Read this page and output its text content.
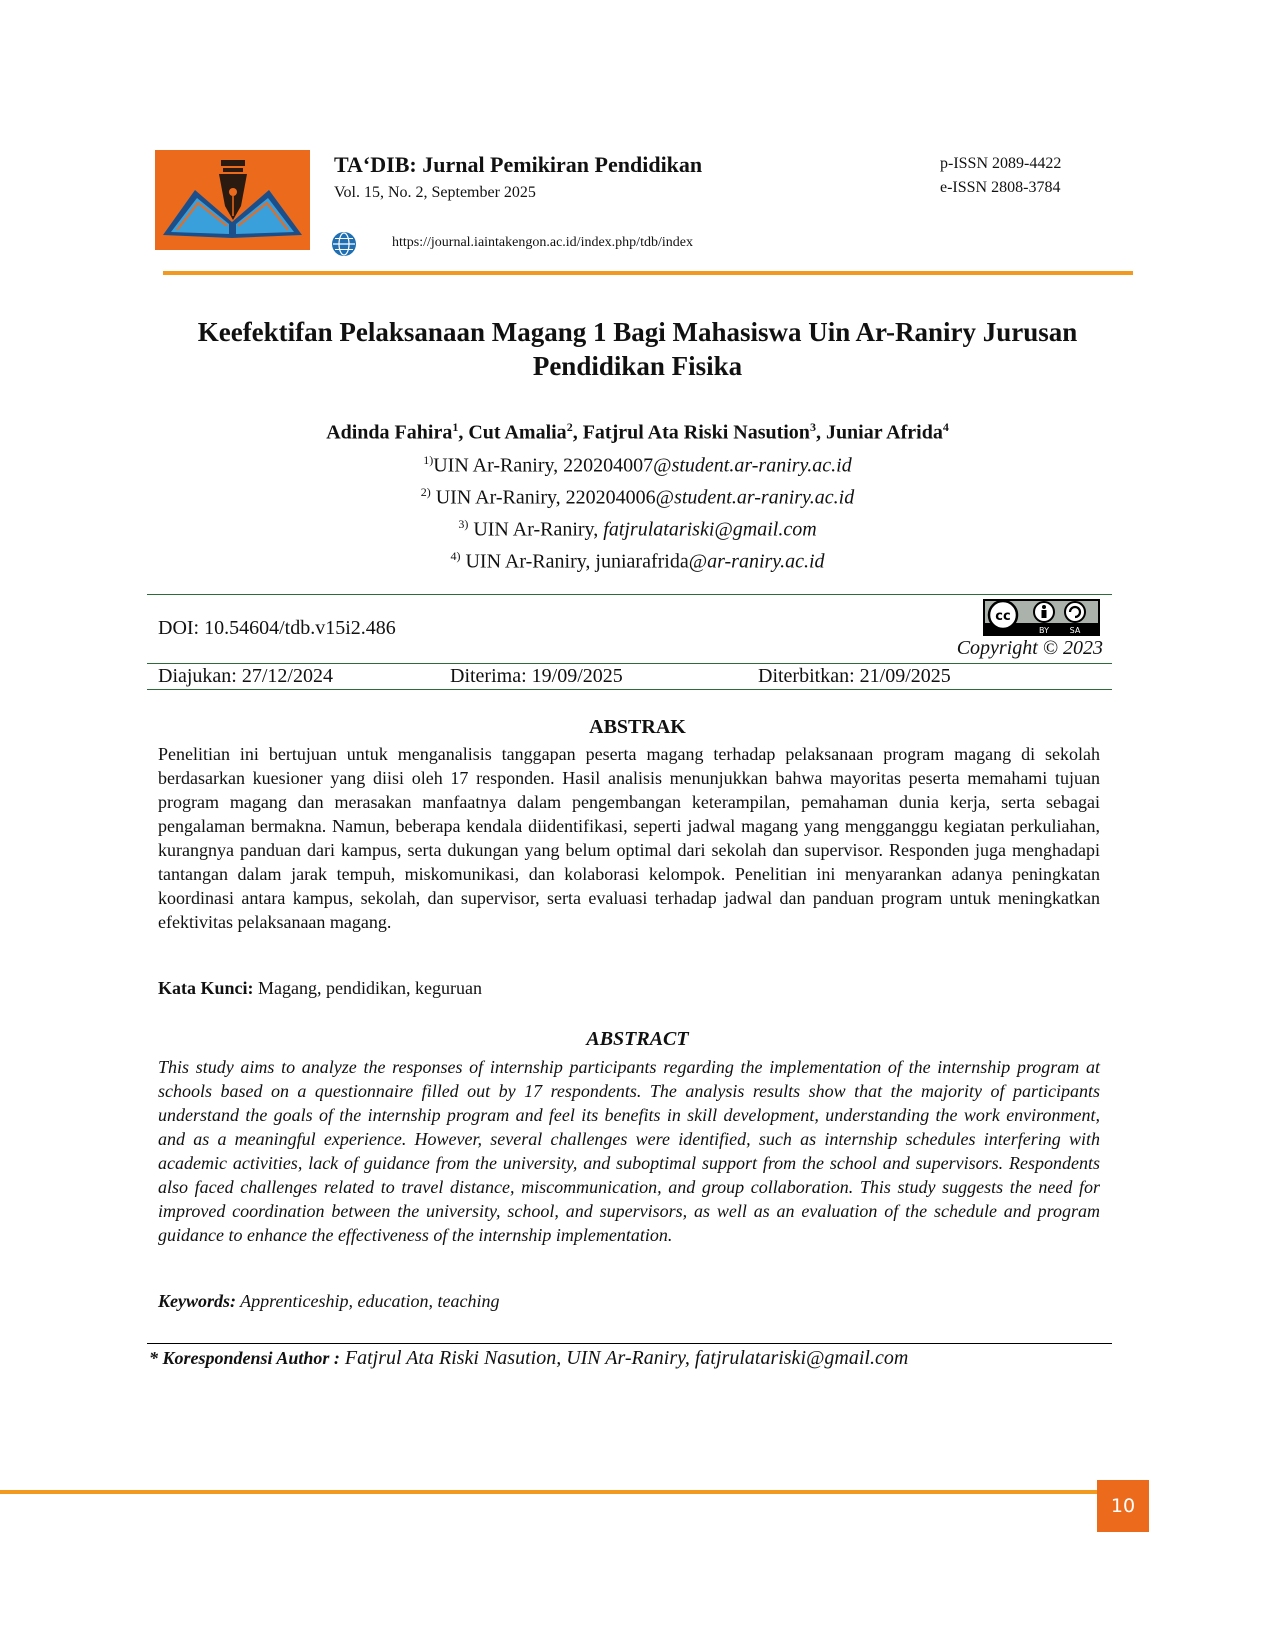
TA‘DIB: Jurnal Pemikiran Pendidikan
Vol. 15, No. 2, September 2025
p-ISSN 2089-4422
e-ISSN 2808-3784
https://journal.iaintakengon.ac.id/index.php/tdb/index
Keefektifan Pelaksanaan Magang 1 Bagi Mahasiswa Uin Ar-Raniry Jurusan
Pendidikan Fisika
Adinda Fahira$^1$, Cut Amalia$^2$, Fatjrul Ata Riski Nasution$^3$, Juniar Afrida$^4$
$^{1)}$UIN Ar-Raniry, 220204007@student.ar-raniry.ac.id
$^{2)}$ UIN Ar-Raniry, 220204006@student.ar-raniry.ac.id
$^{3)}$ UIN Ar-Raniry, fatjrulatariski@gmail.com
$^{4)}$ UIN Ar-Raniry, juniarafrida@ar-raniry.ac.id
DOI: 10.54604/tdb.v15i2.486
cc
BY	SA
Copyright © 2023
Diajukan: 27/12/2024	Diterima: 19/09/2025	Diterbitkan: 21/09/2025
ABSTRAK
Penelitian ini bertujuan untuk menganalisis tanggapan peserta magang terhadap pelaksanaan program magang di sekolah berdasarkan kuesioner yang diisi oleh 17 responden. Hasil analisis menunjukkan bahwa mayoritas peserta memahami tujuan program magang dan merasakan manfaatnya dalam pengembangan keterampilan, pemahaman dunia kerja, serta sebagai pengalaman bermakna. Namun, beberapa kendala diidentifikasi, seperti jadwal magang yang mengganggu kegiatan perkuliahan, kurangnya panduan dari kampus, serta dukungan yang belum optimal dari sekolah dan supervisor. Responden juga menghadapi tantangan dalam jarak tempuh, miskomunikasi, dan kolaborasi kelompok. Penelitian ini menyarankan adanya peningkatan koordinasi antara kampus, sekolah, dan supervisor, serta evaluasi terhadap jadwal dan panduan program untuk meningkatkan efektivitas pelaksanaan magang.
Kata Kunci: Magang, pendidikan, keguruan
ABSTRACT
This study aims to analyze the responses of internship participants regarding the implementation of the internship program at schools based on a questionnaire filled out by 17 respondents. The analysis results show that the majority of participants understand the goals of the internship program and feel its benefits in skill development, understanding the work environment, and as a meaningful experience. However, several challenges were identified, such as internship schedules interfering with academic activities, lack of guidance from the university, and suboptimal support from the school and supervisors. Respondents also faced challenges related to travel distance, miscommunication, and group collaboration. This study suggests the need for improved coordination between the university, school, and supervisors, as well as an evaluation of the schedule and program guidance to enhance the effectiveness of the internship implementation.
Keywords: Apprenticeship, education, teaching
* Korespondensi Author : Fatjrul Ata Riski Nasution, UIN Ar-Raniry, fatjrulatariski@gmail.com
10
